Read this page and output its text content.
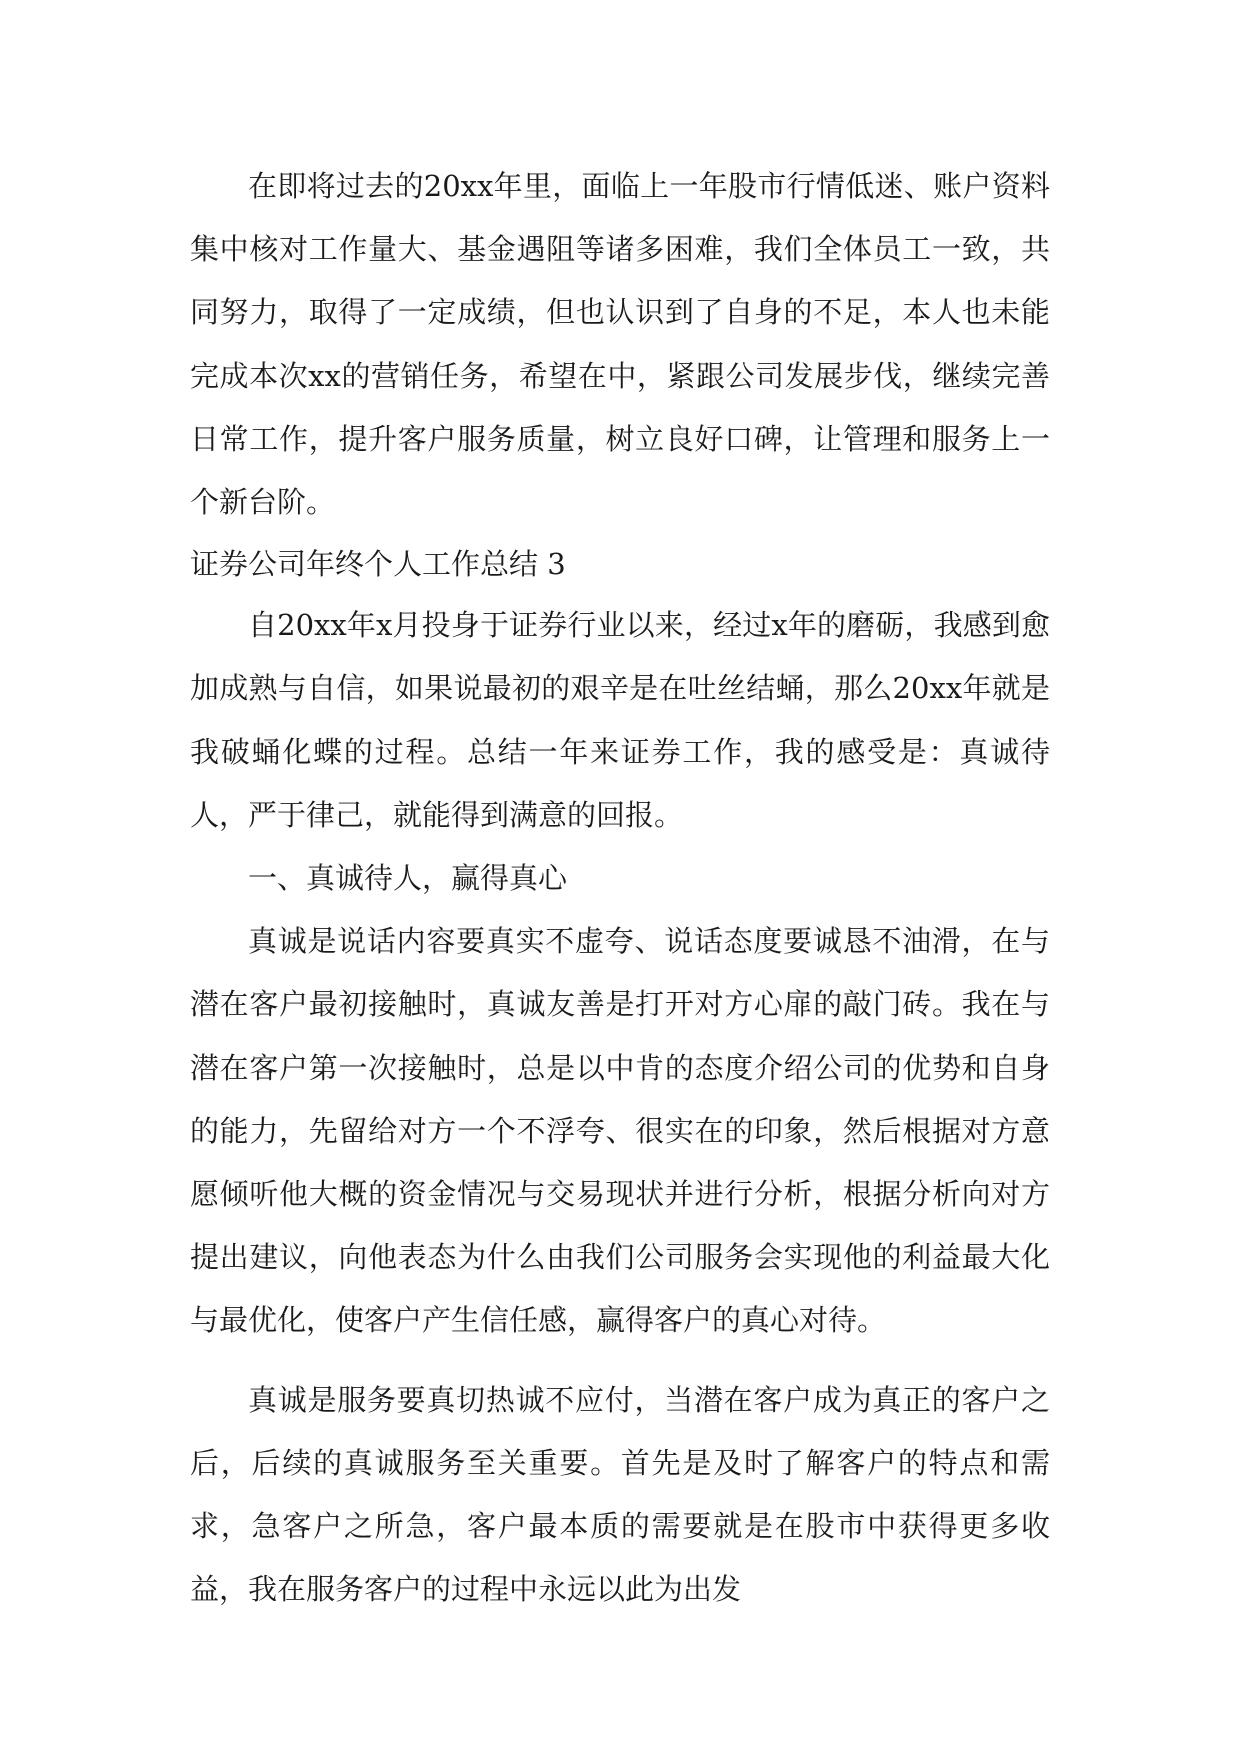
在即将过去的20xx年里，面临上一年股市行情低迷、账户资料集中核对工作量大、基金遇阻等诸多困难，我们全体员工一致，共同努力，取得了一定成绩，但也认识到了自身的不足，本人也未能完成本次xx的营销任务，希望在中，紧跟公司发展步伐，继续完善日常工作，提升客户服务质量，树立良好口碑，让管理和服务上一个新台阶。

证券公司年终个人工作总结 3

自20xx年x月投身于证券行业以来，经过x年的磨砺，我感到愈加成熟与自信，如果说最初的艰辛是在吐丝结蛹，那么20xx年就是我破蛹化蝶的过程。总结一年来证券工作，我的感受是：真诚待人，严于律己，就能得到满意的回报。

一、真诚待人，赢得真心

真诚是说话内容要真实不虚夸、说话态度要诚恳不油滑，在与潜在客户最初接触时，真诚友善是打开对方心扉的敲门砖。我在与潜在客户第一次接触时，总是以中肯的态度介绍公司的优势和自身的能力，先留给对方一个不浮夸、很实在的印象，然后根据对方意愿倾听他大概的资金情况与交易现状并进行分析，根据分析向对方提出建议，向他表态为什么由我们公司服务会实现他的利益最大化与最优化，使客户产生信任感，赢得客户的真心对待。

真诚是服务要真切热诚不应付，当潜在客户成为真正的客户之后，后续的真诚服务至关重要。首先是及时了解客户的特点和需求，急客户之所急，客户最本质的需要就是在股市中获得更多收益，我在服务客户的过程中永远以此为出发
